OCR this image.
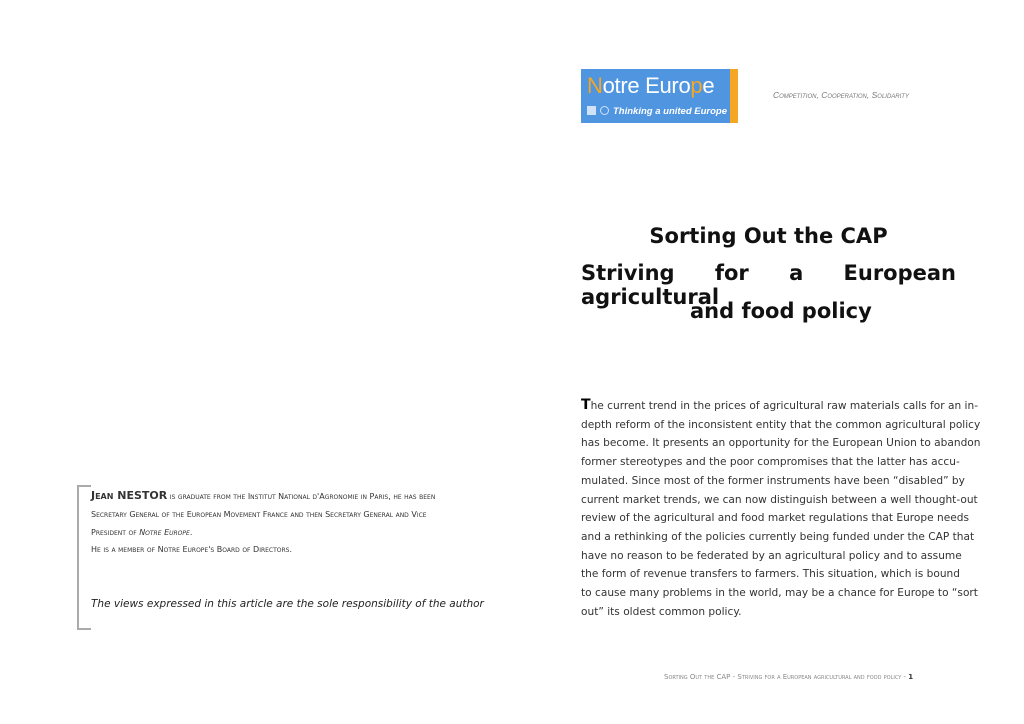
Notre Europe
Thinking a united Europe
Competition, Cooperation, Solidarity
Sorting Out the CAP
Striving for a European agricultural
and food policy
The current trend in the prices of agricultural raw materials calls for an in-
depth reform of the inconsistent entity that the common agricultural policy
has become. It presents an opportunity for the European Union to abandon
former stereotypes and the poor compromises that the latter has accu-
mulated. Since most of the former instruments have been “disabled” by
current market trends, we can now distinguish between a well thought-out
review of the agricultural and food market regulations that Europe needs
and a rethinking of the policies currently being funded under the CAP that
have no reason to be federated by an agricultural policy and to assume
the form of revenue transfers to farmers. This situation, which is bound
to cause many problems in the world, may be a chance for Europe to “sort
out” its oldest common policy.
Jean NESTOR is graduate from the Institut National d'Agronomie in Paris, he has been
Secretary General of the European Movement France and then Secretary General and Vice
President of Notre Europe.
He is a member of Notre Europe's Board of Directors.
The views expressed in this article are the sole responsibility of the author
Sorting Out the CAP - Striving for a European agricultural and food policy - 1
